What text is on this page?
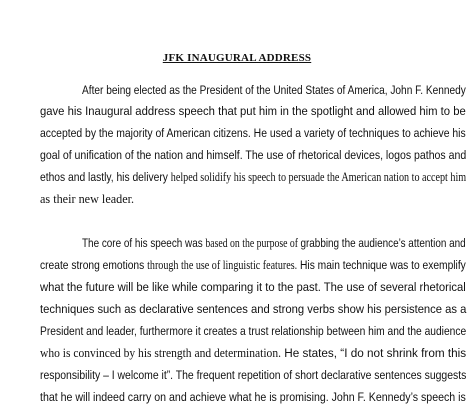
JFK INAUGURAL ADDRESS
After being elected as the President of the United States of America, John F. Kennedy
gave his Inaugural address speech that put him in the spotlight and allowed him to be
accepted by the majority of American citizens. He used a variety of techniques to achieve his
goal of unification of the nation and himself. The use of rhetorical devices, logos pathos and
ethos and lastly, his delivery helped solidify his speech to persuade the American nation to accept him
as their new leader.
The core of his speech was based on the purpose of grabbing the audience’s attention and
create strong emotions through the use of linguistic features. His main technique was to exemplify
what the future will be like while comparing it to the past. The use of several rhetorical
techniques such as declarative sentences and strong verbs show his persistence as a
President and leader, furthermore it creates a trust relationship between him and the audience
who is convinced by his strength and determination. He states, “I do not shrink from this
responsibility – I welcome it”. The frequent repetition of short declarative sentences suggests
that he will indeed carry on and achieve what he is promising. John F. Kennedy’s speech is
